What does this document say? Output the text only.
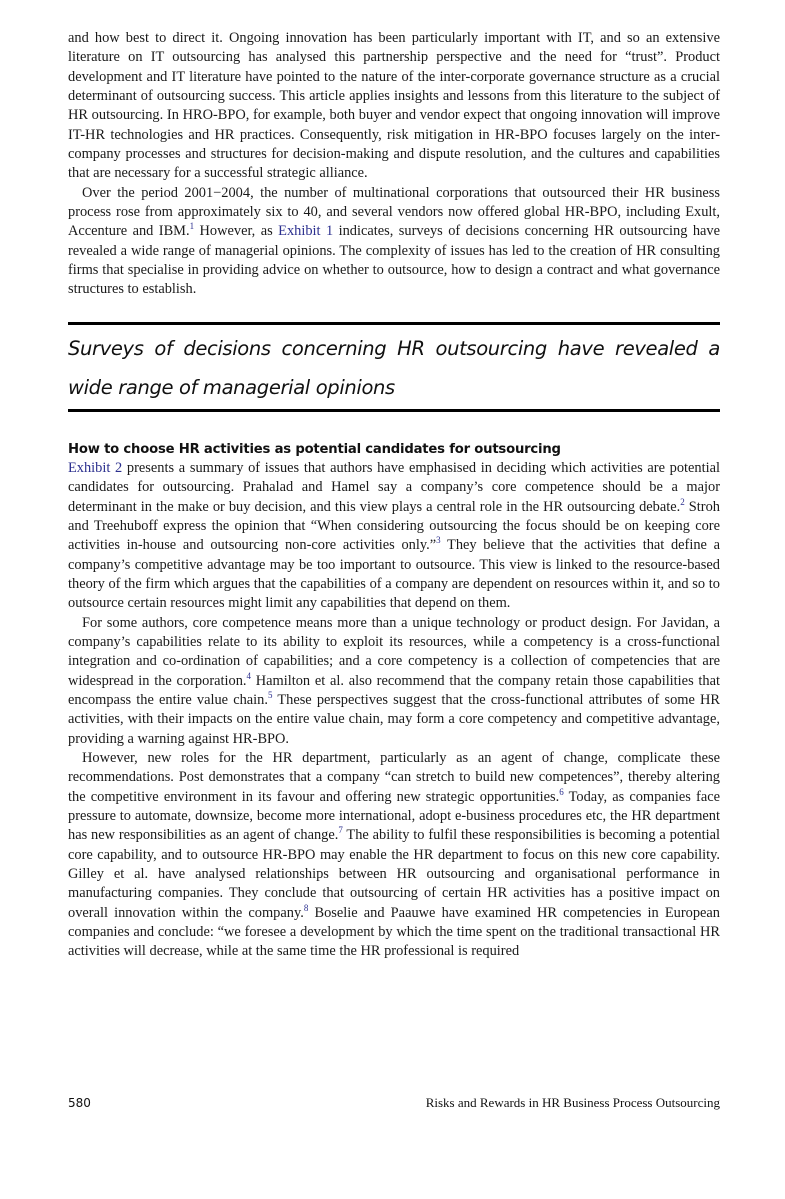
and how best to direct it. Ongoing innovation has been particularly important with IT, and so an extensive literature on IT outsourcing has analysed this partnership perspective and the need for “trust”. Product development and IT literature have pointed to the nature of the inter-corporate governance structure as a crucial determinant of outsourcing success. This article applies insights and lessons from this literature to the subject of HR outsourcing. In HRO-BPO, for example, both buyer and vendor expect that ongoing innovation will improve IT-HR technologies and HR practices. Consequently, risk mitigation in HR-BPO focuses largely on the inter-company processes and structures for decision-making and dispute resolution, and the cultures and capabilities that are necessary for a successful strategic alliance.

Over the period 2001−2004, the number of multinational corporations that outsourced their HR business process rose from approximately six to 40, and several vendors now offered global HR-BPO, including Exult, Accenture and IBM.$^1$ However, as Exhibit 1 indicates, surveys of decisions concerning HR outsourcing have revealed a wide range of managerial opinions. The complexity of issues has led to the creation of HR consulting firms that specialise in providing advice on whether to outsource, how to design a contract and what governance structures to establish.

Surveys of decisions concerning HR outsourcing have revealed a wide range of managerial opinions
How to choose HR activities as potential candidates for outsourcing

Exhibit 2 presents a summary of issues that authors have emphasised in deciding which activities are potential candidates for outsourcing. Prahalad and Hamel say a company’s core competence should be a major determinant in the make or buy decision, and this view plays a central role in the HR outsourcing debate.$^2$ Stroh and Treehuboff express the opinion that “When considering outsourcing the focus should be on keeping core activities in-house and outsourcing non-core activities only.”$^3$ They believe that the activities that define a company’s competitive advantage may be too important to outsource. This view is linked to the resource-based theory of the firm which argues that the capabilities of a company are dependent on resources within it, and so to outsource certain resources might limit any capabilities that depend on them.

For some authors, core competence means more than a unique technology or product design. For Javidan, a company’s capabilities relate to its ability to exploit its resources, while a competency is a cross-functional integration and co-ordination of capabilities; and a core competency is a collection of competencies that are widespread in the corporation.$^4$ Hamilton et al. also recommend that the company retain those capabilities that encompass the entire value chain.$^5$ These perspectives suggest that the cross-functional attributes of some HR activities, with their impacts on the entire value chain, may form a core competency and competitive advantage, providing a warning against HR-BPO.

However, new roles for the HR department, particularly as an agent of change, complicate these recommendations. Post demonstrates that a company “can stretch to build new competences”, thereby altering the competitive environment in its favour and offering new strategic opportunities.$^6$ Today, as companies face pressure to automate, downsize, become more international, adopt e-business procedures etc, the HR department has new responsibilities as an agent of change.$^7$ The ability to fulfil these responsibilities is becoming a potential core capability, and to outsource HR-BPO may enable the HR department to focus on this new core capability. Gilley et al. have analysed relationships between HR outsourcing and organisational performance in manufacturing companies. They conclude that outsourcing of certain HR activities has a positive impact on overall innovation within the company.$^8$ Boselie and Paauwe have examined HR competencies in European companies and conclude: “we foresee a development by which the time spent on the traditional transactional HR activities will decrease, while at the same time the HR professional is required

580	Risks and Rewards in HR Business Process Outsourcing
